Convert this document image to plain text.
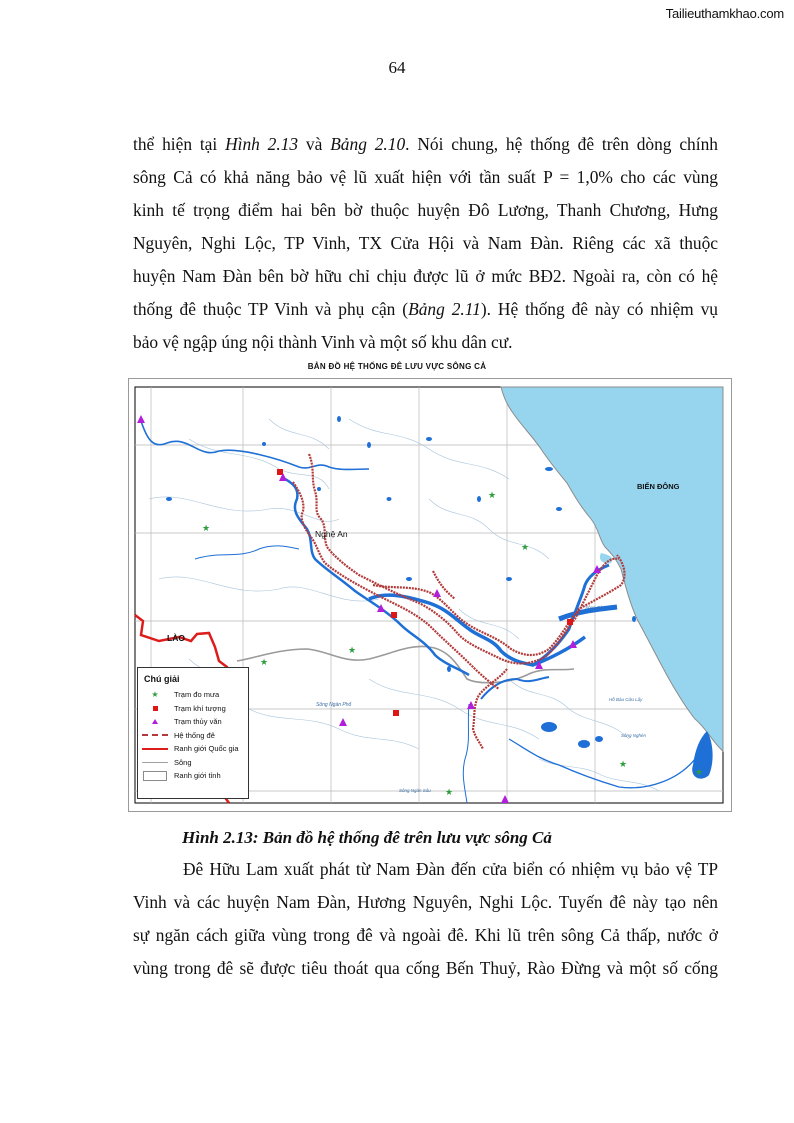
Tailieuthamkhao.com
64
thể hiện tại Hình 2.13 và Bảng 2.10. Nói chung, hệ thống đê trên dòng chính
sông Cả có khả năng bảo vệ lũ xuất hiện với tần suất P = 1,0% cho các vùng
kinh tế trọng điểm hai bên bờ thuộc huyện Đô Lương, Thanh Chương, Hưng
Nguyên, Nghi Lộc, TP Vinh, TX Cửa Hội và Nam Đàn. Riêng các xã thuộc
huyện Nam Đàn bên bờ hữu chỉ chịu được lũ ở mức BĐ2. Ngoài ra, còn có hệ
thống đê thuộc TP Vinh và phụ cận (Bảng 2.11). Hệ thống đê này có nhiệm vụ
bảo vệ ngập úng nội thành Vinh và một số khu dân cư.
BẢN ĐỒ HỆ THỐNG ĐÊ LƯU VỰC SÔNG CẢ
★
★
★
★
★
★
★
★
BIỂN ĐÔNG
Nghệ An
LÀO
Sông Ngàn Phố
Sông Ngàn Sâu
Sông Cả
Sông Nghèn
Hồ Bàu Cửu Lấy
Chú giải
★ Trạm đo mưa
Trạm khí tượng
Trạm thủy văn
Hệ thống đê
Ranh giới Quốc gia
Sông
Ranh giới tỉnh
Hình 2.13: Bản đồ hệ thống đê trên lưu vực sông Cả
Đê Hữu Lam xuất phát từ Nam Đàn đến cửa biển có nhiệm vụ bảo vệ TP
Vinh và các huyện Nam Đàn, Hương Nguyên, Nghi Lộc. Tuyến đê này tạo nên
sự ngăn cách giữa vùng trong đê và ngoài đê. Khi lũ trên sông Cả thấp, nước ở
vùng trong đê sẽ được tiêu thoát qua cống Bến Thuỷ, Rào Đừng và một số cống
